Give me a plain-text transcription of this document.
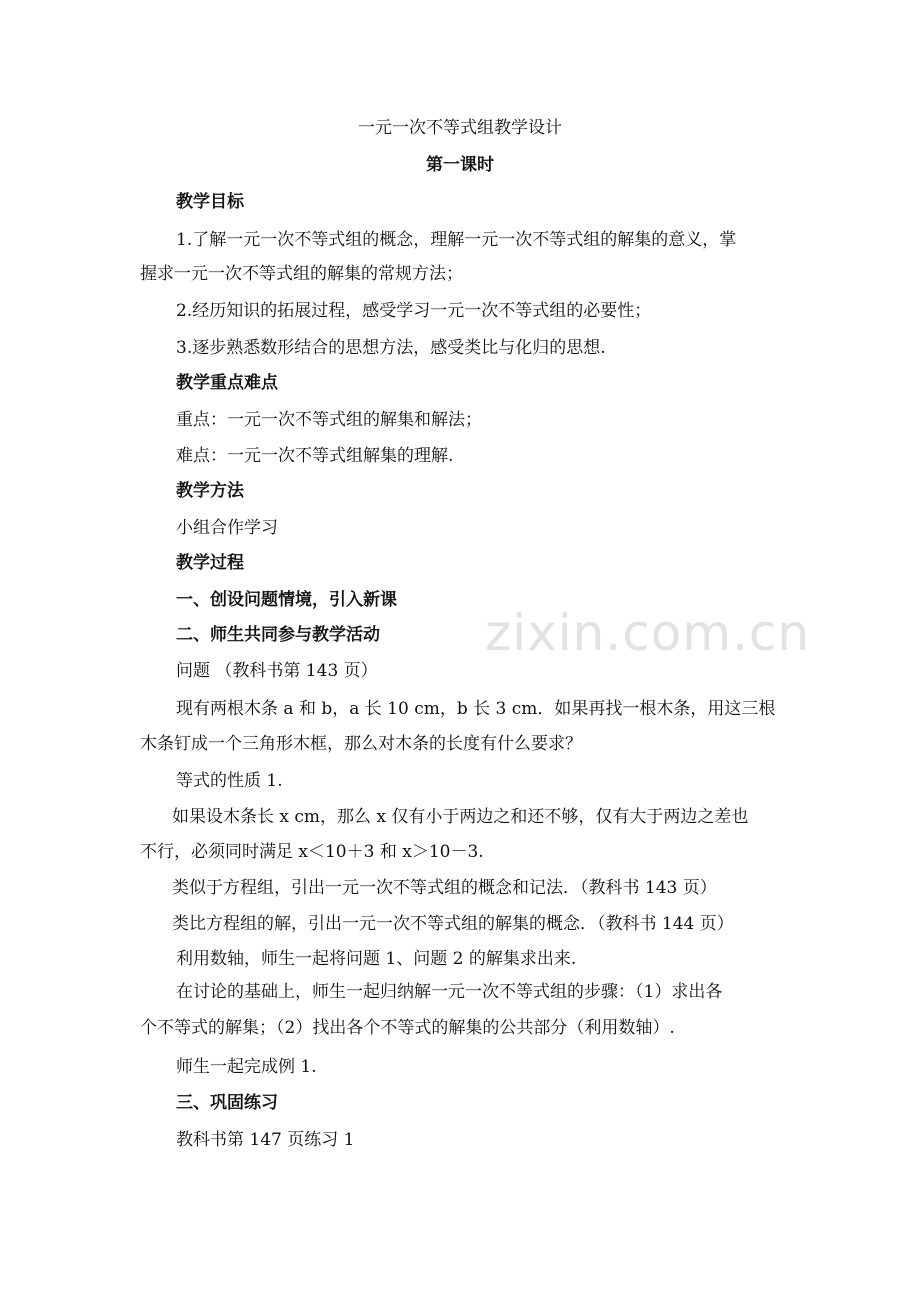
一元一次不等式组教学设计

第一课时

教学目标

1.了解一元一次不等式组的概念，理解一元一次不等式组的解集的意义，掌

握求一元一次不等式组的解集的常规方法；

2.经历知识的拓展过程，感受学习一元一次不等式组的必要性；

3.逐步熟悉数形结合的思想方法，感受类比与化归的思想.

教学重点难点

重点：一元一次不等式组的解集和解法；

难点：一元一次不等式组解集的理解.

教学方法

小组合作学习

教学过程

一、创设问题情境，引入新课

二、师生共同参与教学活动

问题 （教科书第 143 页）

现有两根木条 a 和 b，a 长 10 cm，b 长 3 cm．如果再找一根木条，用这三根

木条钉成一个三角形木框，那么对木条的长度有什么要求？

等式的性质 1.

如果设木条长 x cm，那么 x 仅有小于两边之和还不够，仅有大于两边之差也

不行，必须同时满足 x＜10＋3 和 x＞10－3.

类似于方程组，引出一元一次不等式组的概念和记法．（教科书 143 页）

类比方程组的解，引出一元一次不等式组的解集的概念．（教科书 144 页）

利用数轴，师生一起将问题 1、问题 2 的解集求出来.

在讨论的基础上，师生一起归纳解一元一次不等式组的步骤：（1）求出各

个不等式的解集；（2）找出各个不等式的解集的公共部分（利用数轴）.

师生一起完成例 1.

三、巩固练习

教科书第 147 页练习 1

zixin.com.cn
